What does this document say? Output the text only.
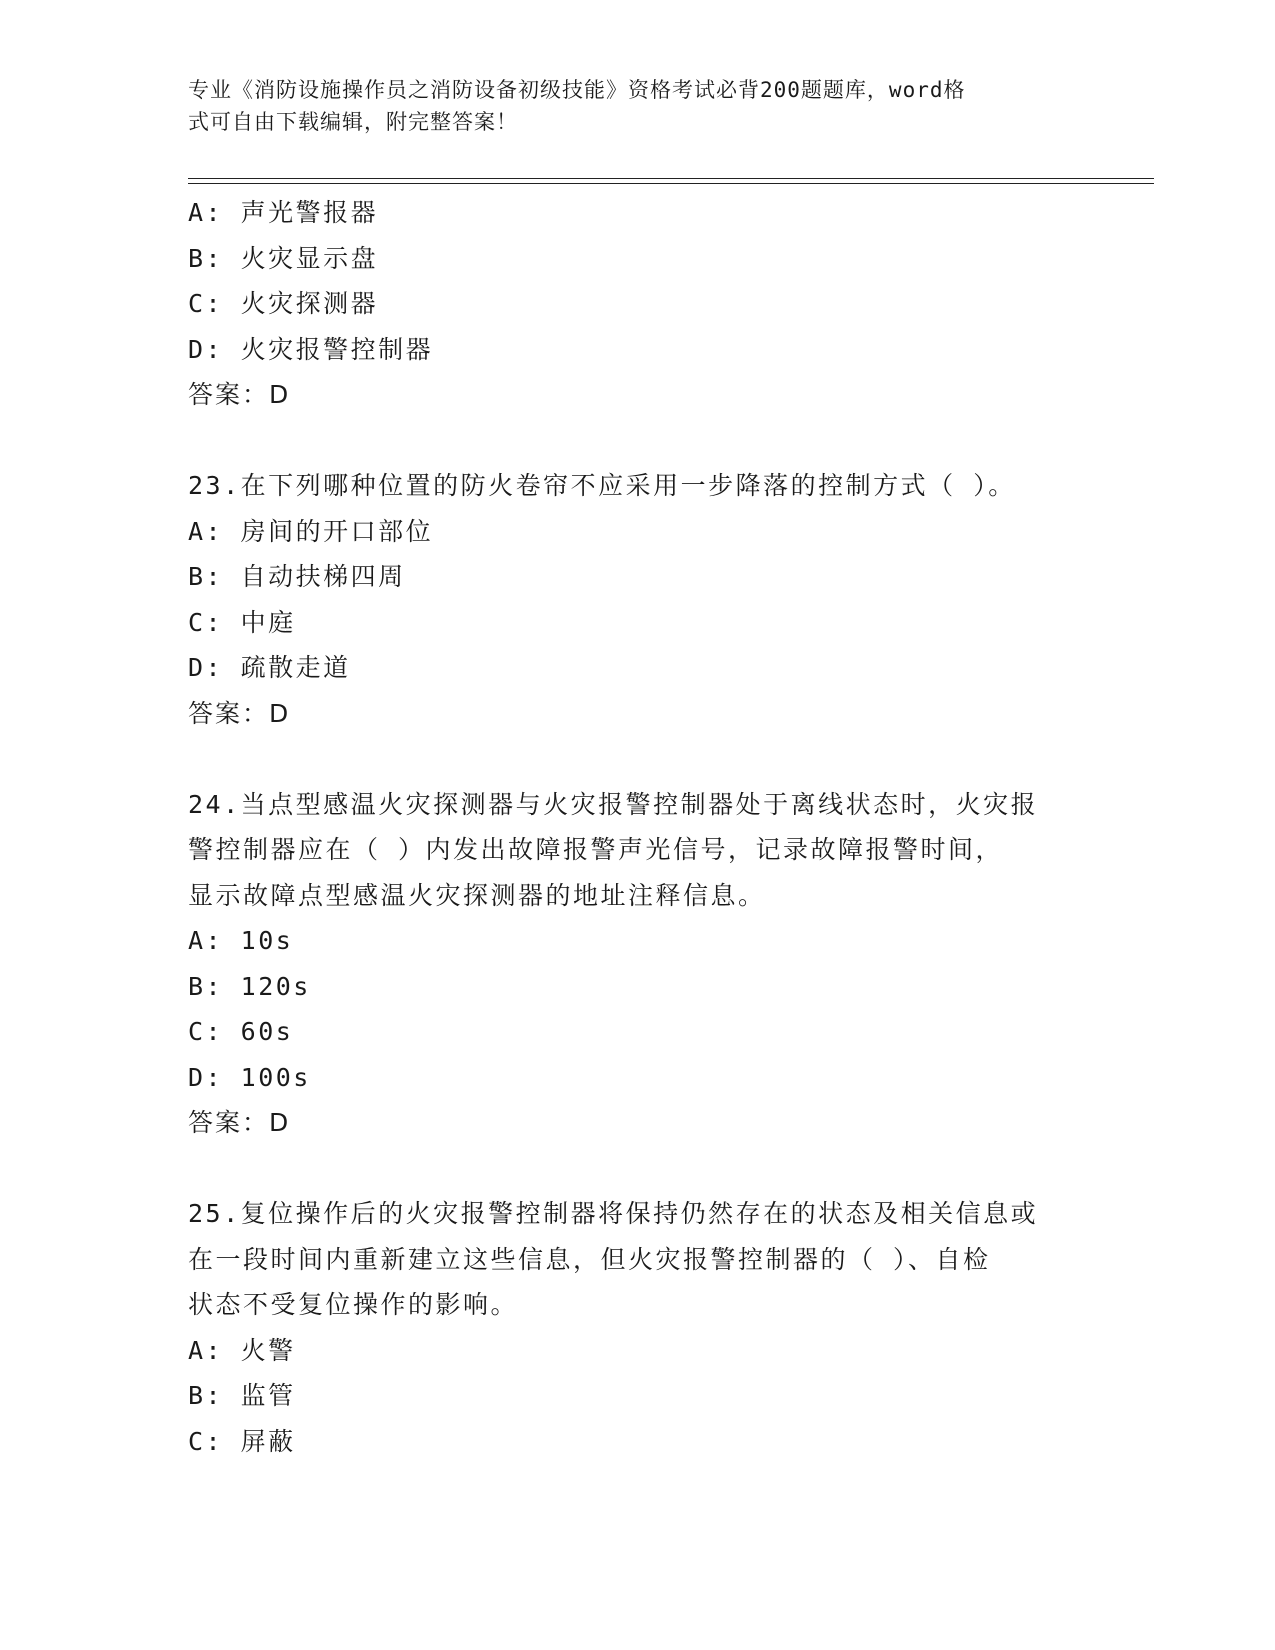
专业《消防设施操作员之消防设备初级技能》资格考试必背200题题库，word格
式可自由下载编辑，附完整答案！
A: 声光警报器
B: 火灾显示盘
C: 火灾探测器
D: 火灾报警控制器
答案：D
23.在下列哪种位置的防火卷帘不应采用一步降落的控制方式（ ）。
A: 房间的开口部位
B: 自动扶梯四周
C: 中庭
D: 疏散走道
答案：D
24.当点型感温火灾探测器与火灾报警控制器处于离线状态时，火灾报
警控制器应在（ ）内发出故障报警声光信号，记录故障报警时间，
显示故障点型感温火灾探测器的地址注释信息。
A: 10s
B: 120s
C: 60s
D: 100s
答案：D
25.复位操作后的火灾报警控制器将保持仍然存在的状态及相关信息或
在一段时间内重新建立这些信息，但火灾报警控制器的（ ）、自检
状态不受复位操作的影响。
A: 火警
B: 监管
C: 屏蔽
